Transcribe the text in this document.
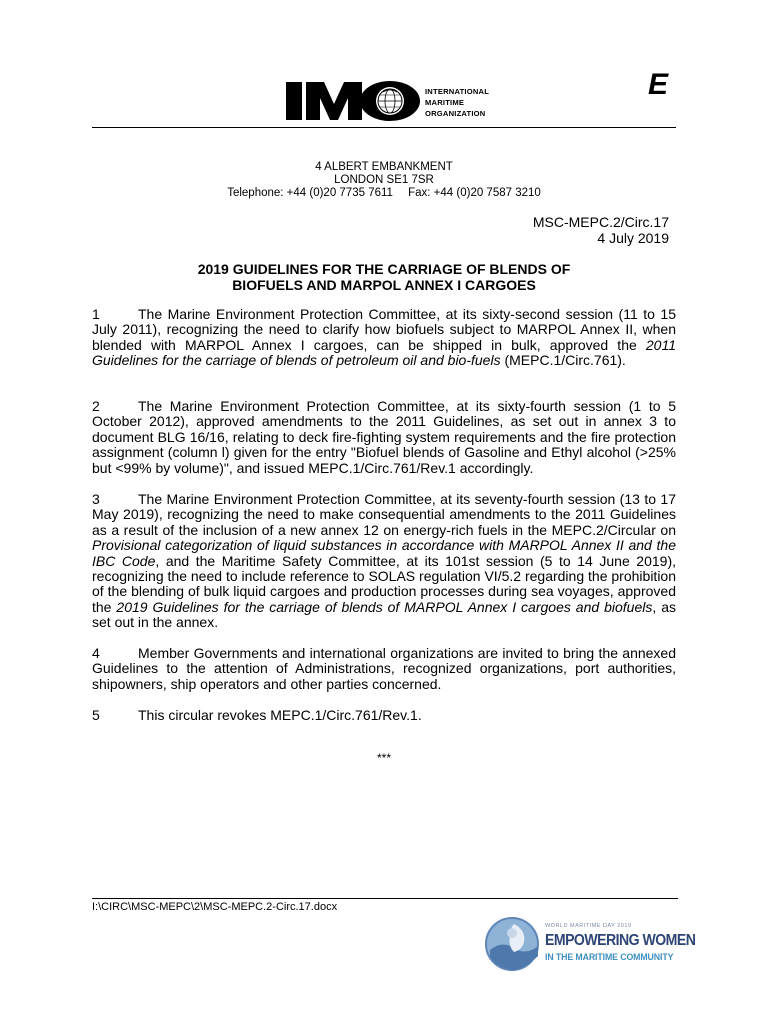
INTERNATIONAL
MARITIME
ORGANIZATION
E
4 ALBERT EMBANKMENT
LONDON SE1 7SR
Telephone: +44 (0)20 7735 7611 Fax: +44 (0)20 7587 3210
MSC-MEPC.2/Circ.17
4 July 2019
2019 GUIDELINES FOR THE CARRIAGE OF BLENDS OF
BIOFUELS AND MARPOL ANNEX I CARGOES
1	The Marine Environment Protection Committee, at its sixty-second session (11 to 15 July 2011), recognizing the need to clarify how biofuels subject to MARPOL Annex II, when blended with MARPOL Annex I cargoes, can be shipped in bulk, approved the 2011 Guidelines for the carriage of blends of petroleum oil and bio-fuels (MEPC.1/Circ.761).
2	The Marine Environment Protection Committee, at its sixty-fourth session (1 to 5 October 2012), approved amendments to the 2011 Guidelines, as set out in annex 3 to document BLG 16/16, relating to deck fire-fighting system requirements and the fire protection assignment (column l) given for the entry "Biofuel blends of Gasoline and Ethyl alcohol (>25% but <99% by volume)", and issued MEPC.1/Circ.761/Rev.1 accordingly.
3	The Marine Environment Protection Committee, at its seventy-fourth session (13 to 17 May 2019), recognizing the need to make consequential amendments to the 2011 Guidelines as a result of the inclusion of a new annex 12 on energy-rich fuels in the MEPC.2/Circular on Provisional categorization of liquid substances in accordance with MARPOL Annex II and the IBC Code, and the Maritime Safety Committee, at its 101st session (5 to 14 June 2019), recognizing the need to include reference to SOLAS regulation VI/5.2 regarding the prohibition of the blending of bulk liquid cargoes and production processes during sea voyages, approved the 2019 Guidelines for the carriage of blends of MARPOL Annex I cargoes and biofuels, as set out in the annex.
4	Member Governments and international organizations are invited to bring the annexed Guidelines to the attention of Administrations, recognized organizations, port authorities, shipowners, ship operators and other parties concerned.
5	This circular revokes MEPC.1/Circ.761/Rev.1.
***
I:\CIRC\MSC-MEPC\2\MSC-MEPC.2-Circ.17.docx
WORLD MARITIME DAY 2019
EMPOWERING WOMEN
IN THE MARITIME COMMUNITY
